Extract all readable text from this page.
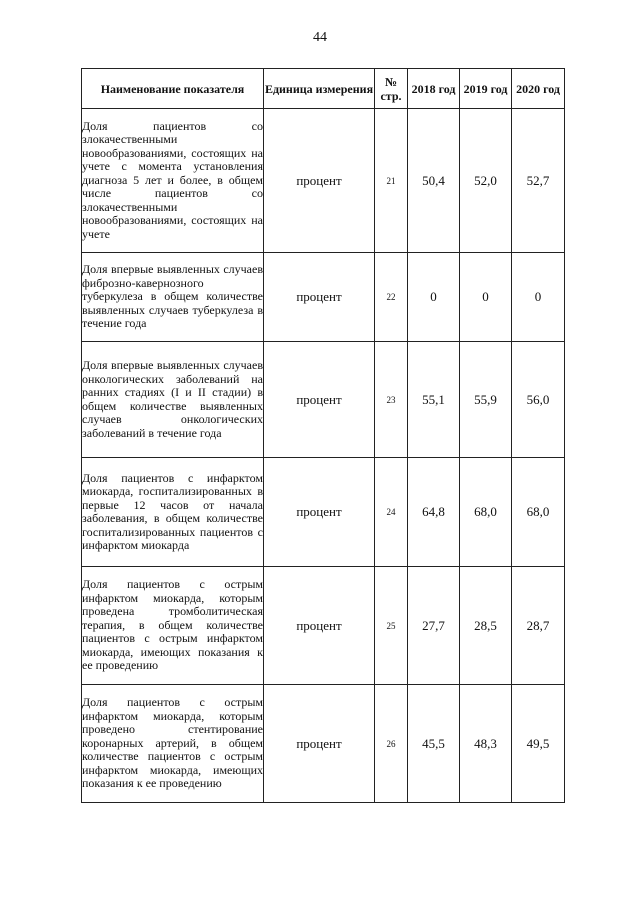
44
Наименование показателя	Единица измерения	№ стр.	2018 год	2019 год	2020 год
Доля пациентов со злокачественными новообразованиями, состоящих на учете с момента установления диагноза 5 лет и более, в общем числе пациентов со злокачественными новообразованиями, состоящих на учете	процент	21	50,4	52,0	52,7
Доля впервые выявленных случаев фиброзно-кавернозного туберкулеза в общем количестве выявленных случаев туберкулеза в течение года	процент	22	0	0	0
Доля впервые выявленных случаев онкологических заболеваний на ранних стадиях (I и II стадии) в общем количестве выявленных случаев онкологических заболеваний в течение года	процент	23	55,1	55,9	56,0
Доля пациентов с инфарктом миокарда, госпитализированных в первые 12 часов от начала заболевания, в общем количестве госпитализированных пациентов с инфарктом миокарда	процент	24	64,8	68,0	68,0
Доля пациентов с острым инфарктом миокарда, которым проведена тромболитическая терапия, в общем количестве пациентов с острым инфарктом миокарда, имеющих показания к ее проведению	процент	25	27,7	28,5	28,7
Доля пациентов с острым инфарктом миокарда, которым проведено стентирование коронарных артерий, в общем количестве пациентов с острым инфарктом миокарда, имеющих показания к ее проведению	процент	26	45,5	48,3	49,5
